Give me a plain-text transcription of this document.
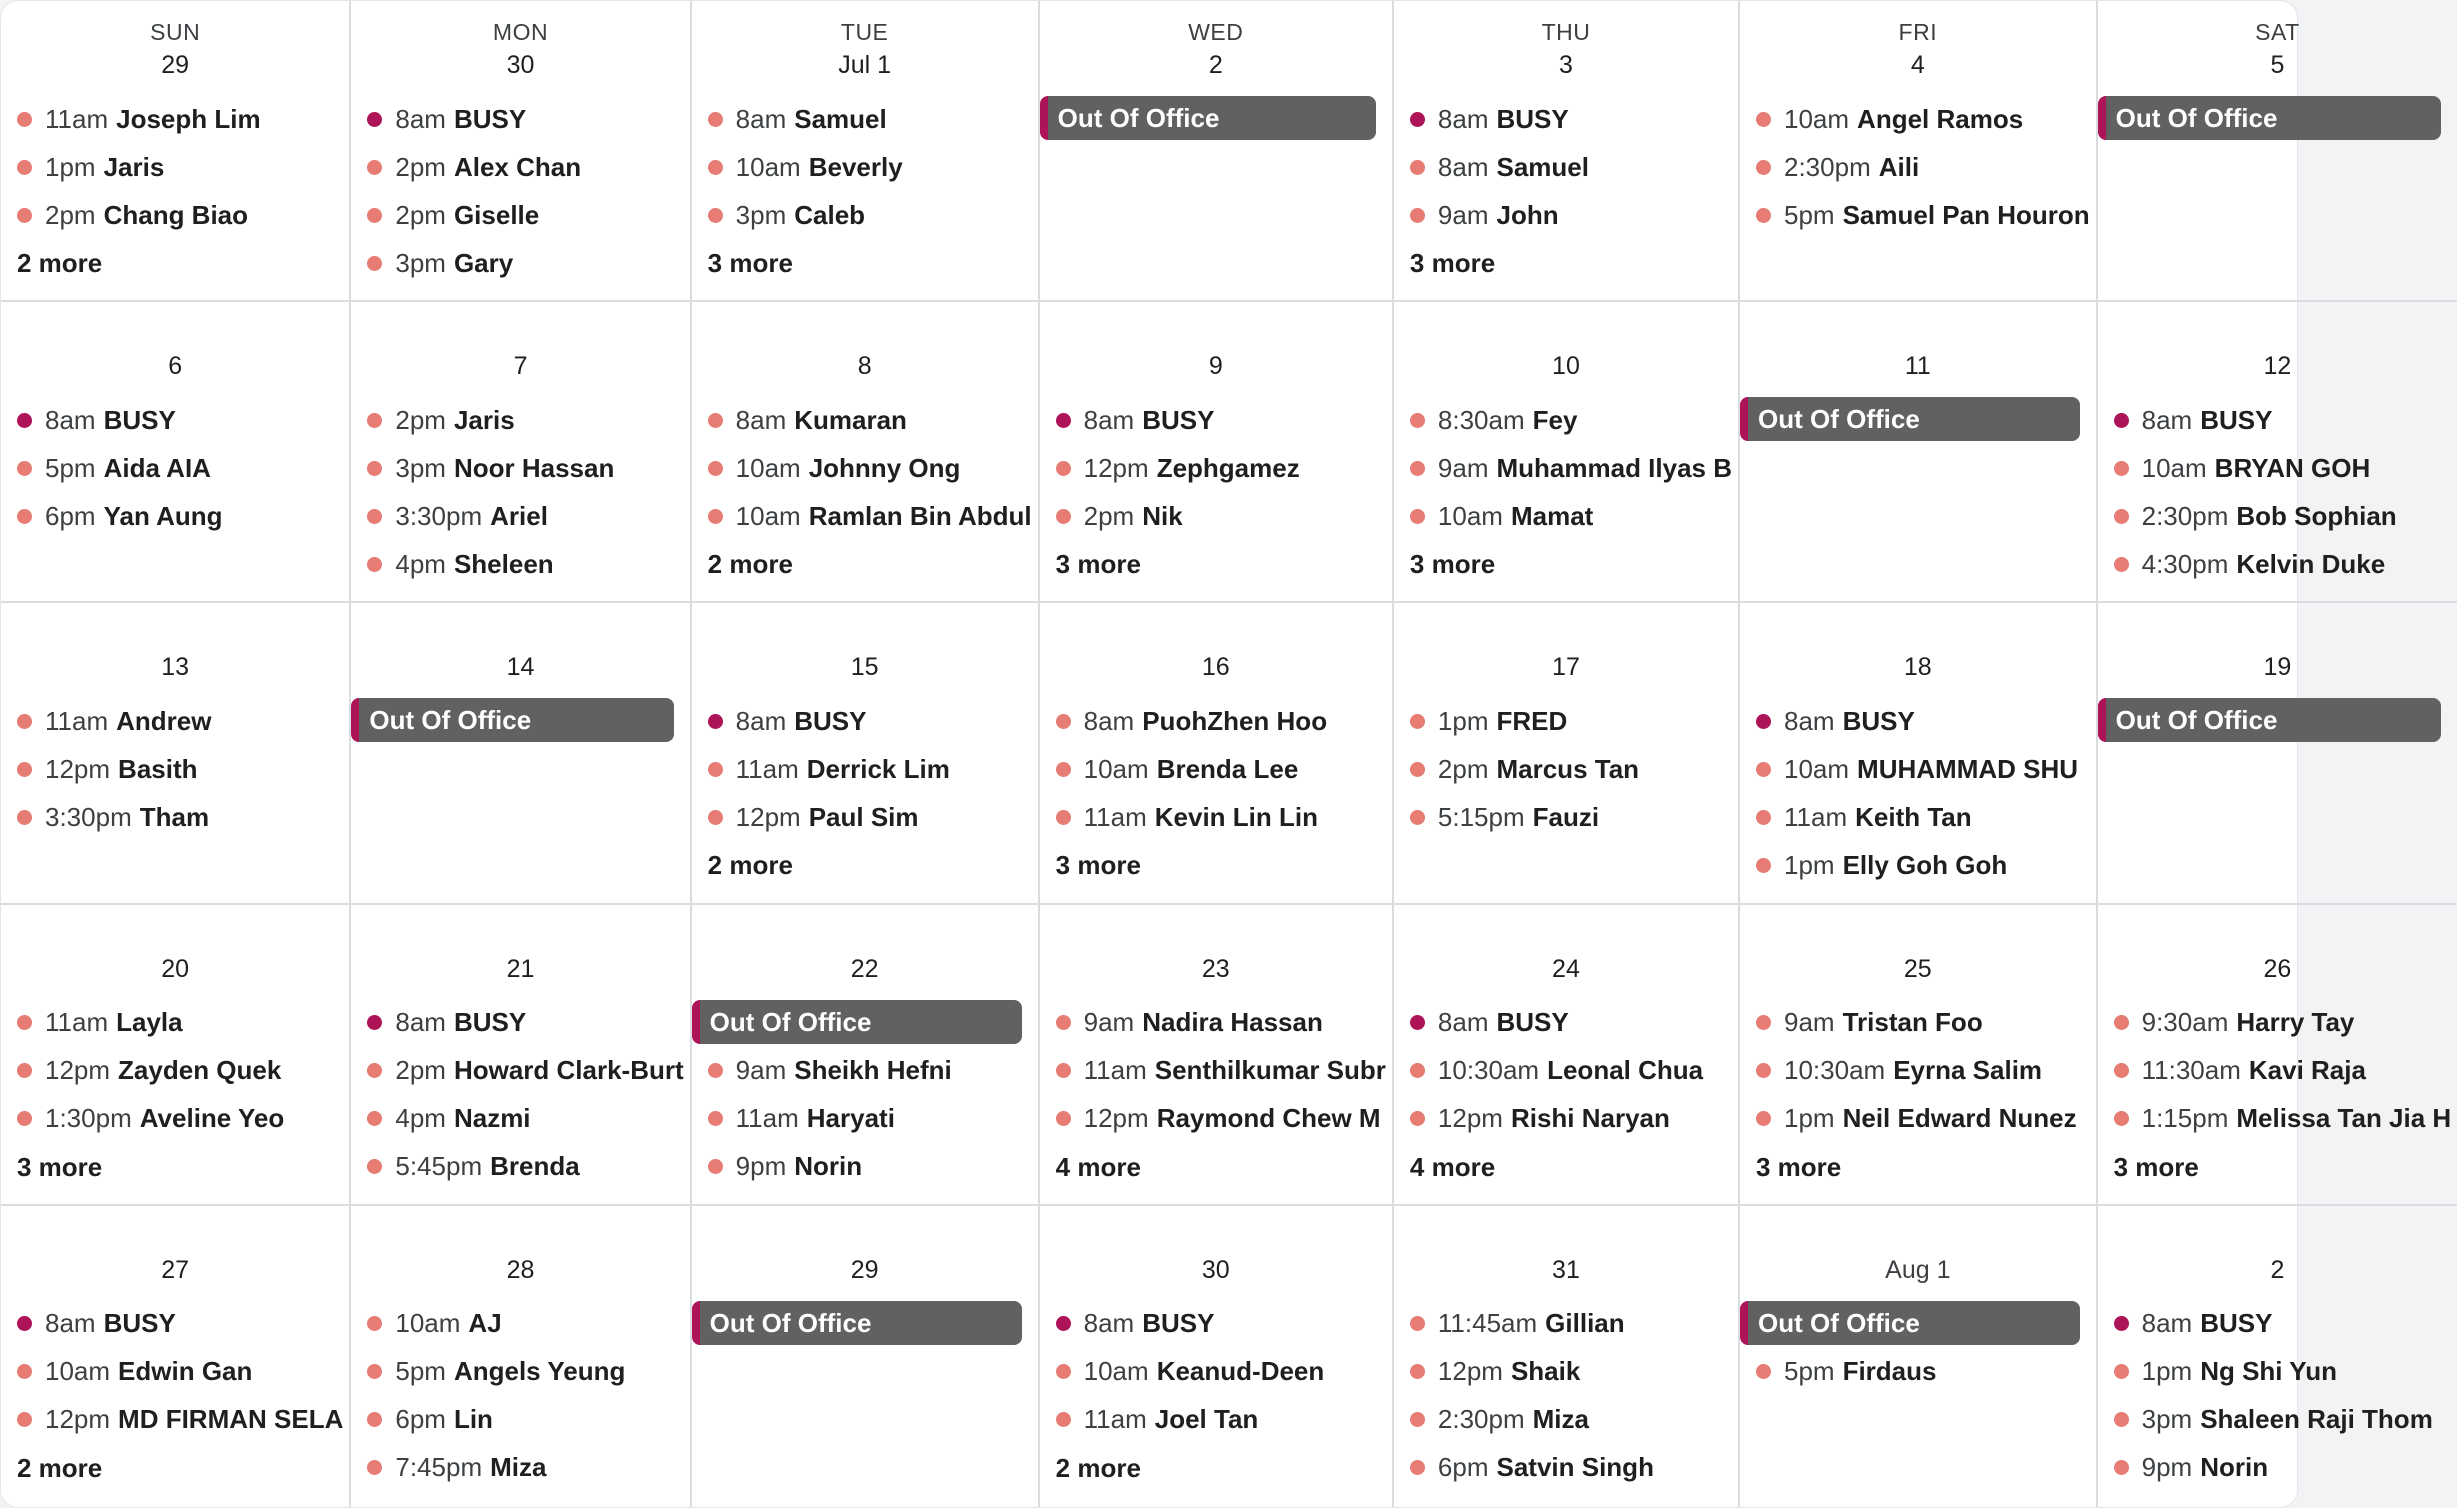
SUN
29
11am Joseph Lim
1pm Jaris
2pm Chang Biao
2 more
MON
30
8am BUSY
2pm Alex Chan
2pm Giselle
3pm Gary
TUE
Jul 1
8am Samuel
10am Beverly
3pm Caleb
3 more
WED
2
Out Of Office
THU
3
8am BUSY
8am Samuel
9am John
3 more
FRI
4
10am Angel Ramos
2:30pm Aili
5pm Samuel Pan Houron
SAT
5
Out Of Office
6
8am BUSY
5pm Aida AIA
6pm Yan Aung
7
2pm Jaris
3pm Noor Hassan
3:30pm Ariel
4pm Sheleen
8
8am Kumaran
10am Johnny Ong
10am Ramlan Bin Abdul
2 more
9
8am BUSY
12pm Zephgamez
2pm Nik
3 more
10
8:30am Fey
9am Muhammad Ilyas B
10am Mamat
3 more
11
Out Of Office
12
8am BUSY
10am BRYAN GOH
2:30pm Bob Sophian
4:30pm Kelvin Duke
13
11am Andrew
12pm Basith
3:30pm Tham
14
Out Of Office
15
8am BUSY
11am Derrick Lim
12pm Paul Sim
2 more
16
8am PuohZhen Hoo
10am Brenda Lee
11am Kevin Lin Lin
3 more
17
1pm FRED
2pm Marcus Tan
5:15pm Fauzi
18
8am BUSY
10am MUHAMMAD SHU
11am Keith Tan
1pm Elly Goh Goh
19
Out Of Office
20
11am Layla
12pm Zayden Quek
1:30pm Aveline Yeo
3 more
21
8am BUSY
2pm Howard Clark-Burt
4pm Nazmi
5:45pm Brenda
22
Out Of Office
9am Sheikh Hefni
11am Haryati
9pm Norin
23
9am Nadira Hassan
11am Senthilkumar Subr
12pm Raymond Chew M
4 more
24
8am BUSY
10:30am Leonal Chua
12pm Rishi Naryan
4 more
25
9am Tristan Foo
10:30am Eyrna Salim
1pm Neil Edward Nunez
3 more
26
9:30am Harry Tay
11:30am Kavi Raja
1:15pm Melissa Tan Jia H
3 more
27
8am BUSY
10am Edwin Gan
12pm MD FIRMAN SELA
2 more
28
10am AJ
5pm Angels Yeung
6pm Lin
7:45pm Miza
29
Out Of Office
30
8am BUSY
10am Keanud-Deen
11am Joel Tan
2 more
31
11:45am Gillian
12pm Shaik
2:30pm Miza
6pm Satvin Singh
Aug 1
Out Of Office
5pm Firdaus
2
8am BUSY
1pm Ng Shi Yun
3pm Shaleen Raji Thom
9pm Norin
